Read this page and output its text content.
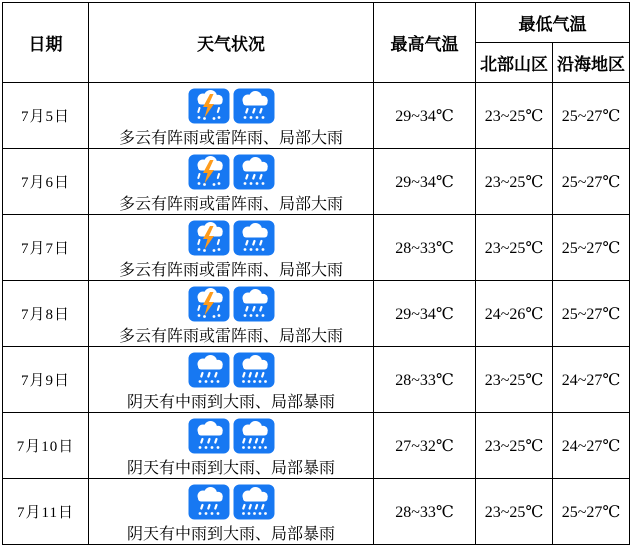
日期	天气状况	最高气温	最低气温	
			北部山区	沿海地区
7月5日	多云有阵雨或雷阵雨、局部大雨	29~34℃	23~25℃	25~27℃
7月6日	多云有阵雨或雷阵雨、局部大雨	29~34℃	23~25℃	25~27℃
7月7日	多云有阵雨或雷阵雨、局部大雨	28~33℃	23~25℃	25~27℃
7月8日	多云有阵雨或雷阵雨、局部大雨	29~34℃	24~26℃	25~27℃
7月9日	阴天有中雨到大雨、局部暴雨	28~33℃	23~25℃	24~27℃
7月10日	阴天有中雨到大雨、局部暴雨	27~32℃	23~25℃	24~27℃
7月11日	阴天有中雨到大雨、局部暴雨	28~33℃	23~25℃	25~27℃
